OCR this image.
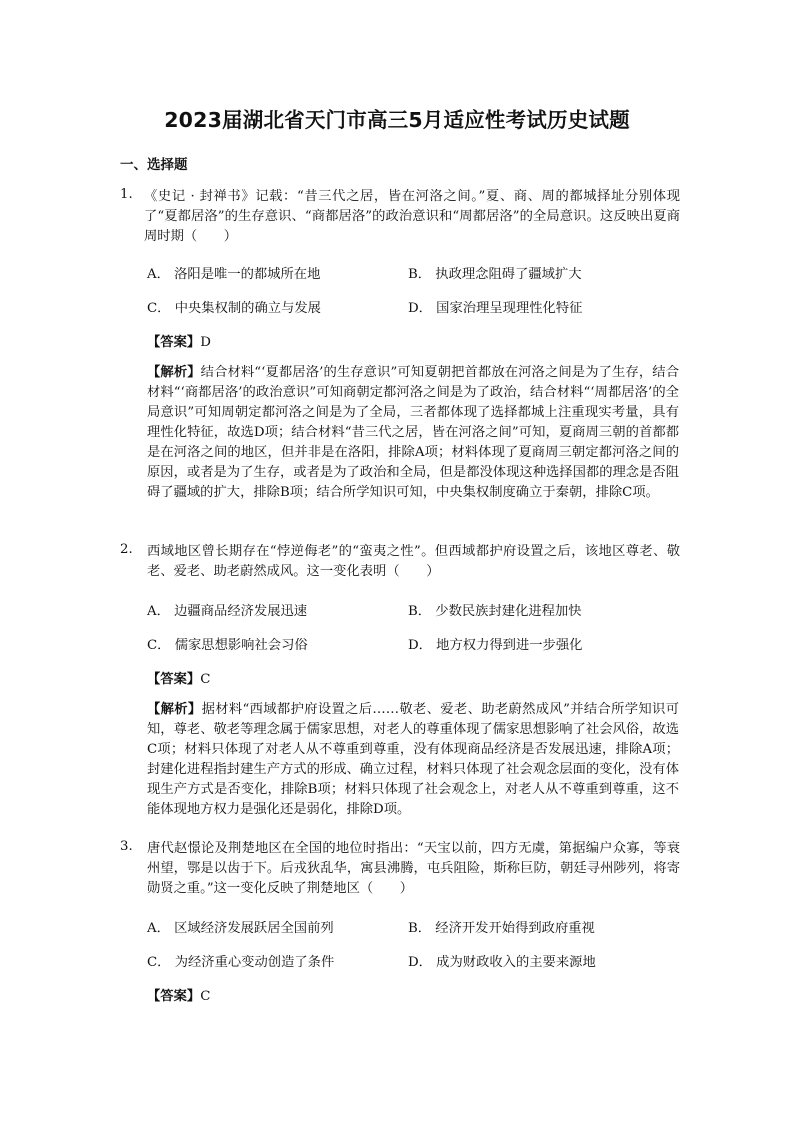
2023届湖北省天门市高三5月适应性考试历史试题
一、选择题
1. 《史记 · 封禅书》记载：“昔三代之居，皆在河洛之间。”夏、商、周的都城择址分别体现了“夏都居洛”的生存意识、“商都居洛”的政治意识和“周都居洛”的全局意识。这反映出夏商周时期（　　）
A． 洛阳是唯一的都城所在地	B． 执政理念阻碍了疆域扩大
C． 中央集权制的确立与发展	D． 国家治理呈现理性化特征
【答案】D
【解析】结合材料“‘夏都居洛’的生存意识”可知夏朝把首都放在河洛之间是为了生存，结合材料“‘商都居洛’的政治意识”可知商朝定都河洛之间是为了政治，结合材料“‘周都居洛’的全局意识”可知周朝定都河洛之间是为了全局，三者都体现了选择都城上注重现实考量，具有理性化特征，故选D项；结合材料“昔三代之居，皆在河洛之间”可知，夏商周三朝的首都都是在河洛之间的地区，但并非是在洛阳，排除A项；材料体现了夏商周三朝定都河洛之间的原因，或者是为了生存，或者是为了政治和全局，但是都没体现这种选择国都的理念是否阻碍了疆域的扩大，排除B项；结合所学知识可知，中央集权制度确立于秦朝，排除C项。
2. 西域地区曾长期存在“悖逆侮老”的“蛮夷之性”。但西域都护府设置之后，该地区尊老、敬老、爱老、助老蔚然成风。这一变化表明（　　）
A． 边疆商品经济发展迅速	B． 少数民族封建化进程加快
C． 儒家思想影响社会习俗	D． 地方权力得到进一步强化
【答案】C
【解析】据材料“西域都护府设置之后……敬老、爱老、助老蔚然成风”并结合所学知识可知，尊老、敬老等理念属于儒家思想，对老人的尊重体现了儒家思想影响了社会风俗，故选C项；材料只体现了对老人从不尊重到尊重，没有体现商品经济是否发展迅速，排除A项；封建化进程指封建生产方式的形成、确立过程，材料只体现了社会观念层面的变化，没有体现生产方式是否变化，排除B项；材料只体现了社会观念上，对老人从不尊重到尊重，这不能体现地方权力是强化还是弱化，排除D项。
3. 唐代赵憬论及荆楚地区在全国的地位时指出：“天宝以前，四方无虞，第据编户众寡，等衰州望，鄂是以齿于下。后戎狄乱华，寓县沸腾，屯兵阻险，斯称巨防，朝廷寻州陟列，将寄勋贤之重。”这一变化反映了荆楚地区（　　）
A． 区域经济发展跃居全国前列	B． 经济开发开始得到政府重视
C． 为经济重心变动创造了条件	D． 成为财政收入的主要来源地
【答案】C
